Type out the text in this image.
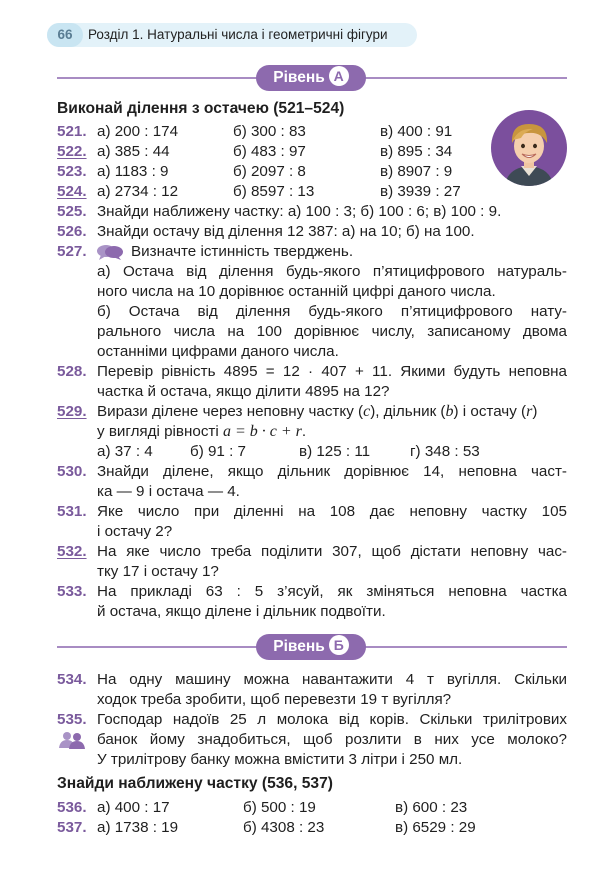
66	Розділ 1. Натуральні числа і геометричні фігури
Рівень А
Виконай ділення з остачею (521–524)
521. а) 200 : 174	б) 300 : 83	в) 400 : 91
522. а) 385 : 44	б) 483 : 97	в) 895 : 34
523. а) 1183 : 9	б) 2097 : 8	в) 8907 : 9
524. а) 2734 : 12	б) 8597 : 13	в) 3939 : 27
525. Знайди наближену частку: а) 100 : 3; б) 100 : 6; в) 100 : 9.
526. Знайди остачу від ділення 12 387: а) на 10; б) на 100.
527.	Визначте істинність тверджень.
а) Остача від ділення будь-якого п’ятицифрового натураль-
ного числа на 10 дорівнює останній цифрі даного числа.
б) Остача від ділення будь-якого п’ятицифрового нату-
рального числа на 100 дорівнює числу, записаному двома
останніми цифрами даного числа.
528. Перевір рівність 4895 = 12 · 407 + 11. Якими будуть неповна
частка й остача, якщо ділити 4895 на 12?
529. Вирази ділене через неповну частку (c), дільник (b) і остачу (r)
у вигляді рівності a = b · c + r.
а) 37 : 4 б) 91 : 7	в) 125 : 11	г) 348 : 53
530. Знайди ділене, якщо дільник дорівнює 14, неповна част-
ка — 9 і остача — 4.
531. Яке число при діленні на 108 дає неповну частку 105
і остачу 2?
532. На яке число треба поділити 307, щоб дістати неповну час-
тку 17 і остачу 1?
533. На прикладі 63 : 5 з’ясуй, як зміняться неповна частка
й остача, якщо ділене і дільник подвоїти.
Рівень Б
534. На одну машину можна навантажити 4 т вугілля. Скільки
ходок треба зробити, щоб перевезти 19 т вугілля?
535. Господар надоїв 25 л молока від корів. Скільки трилітрових
банок йому знадобиться, щоб розлити в них усе молоко?
У трилітрову банку можна вмістити 3 літри і 250 мл.
Знайди наближену частку (536, 537)
536. а) 400 : 17	б) 500 : 19	в) 600 : 23
537. а) 1738 : 19	б) 4308 : 23	в) 6529 : 29
